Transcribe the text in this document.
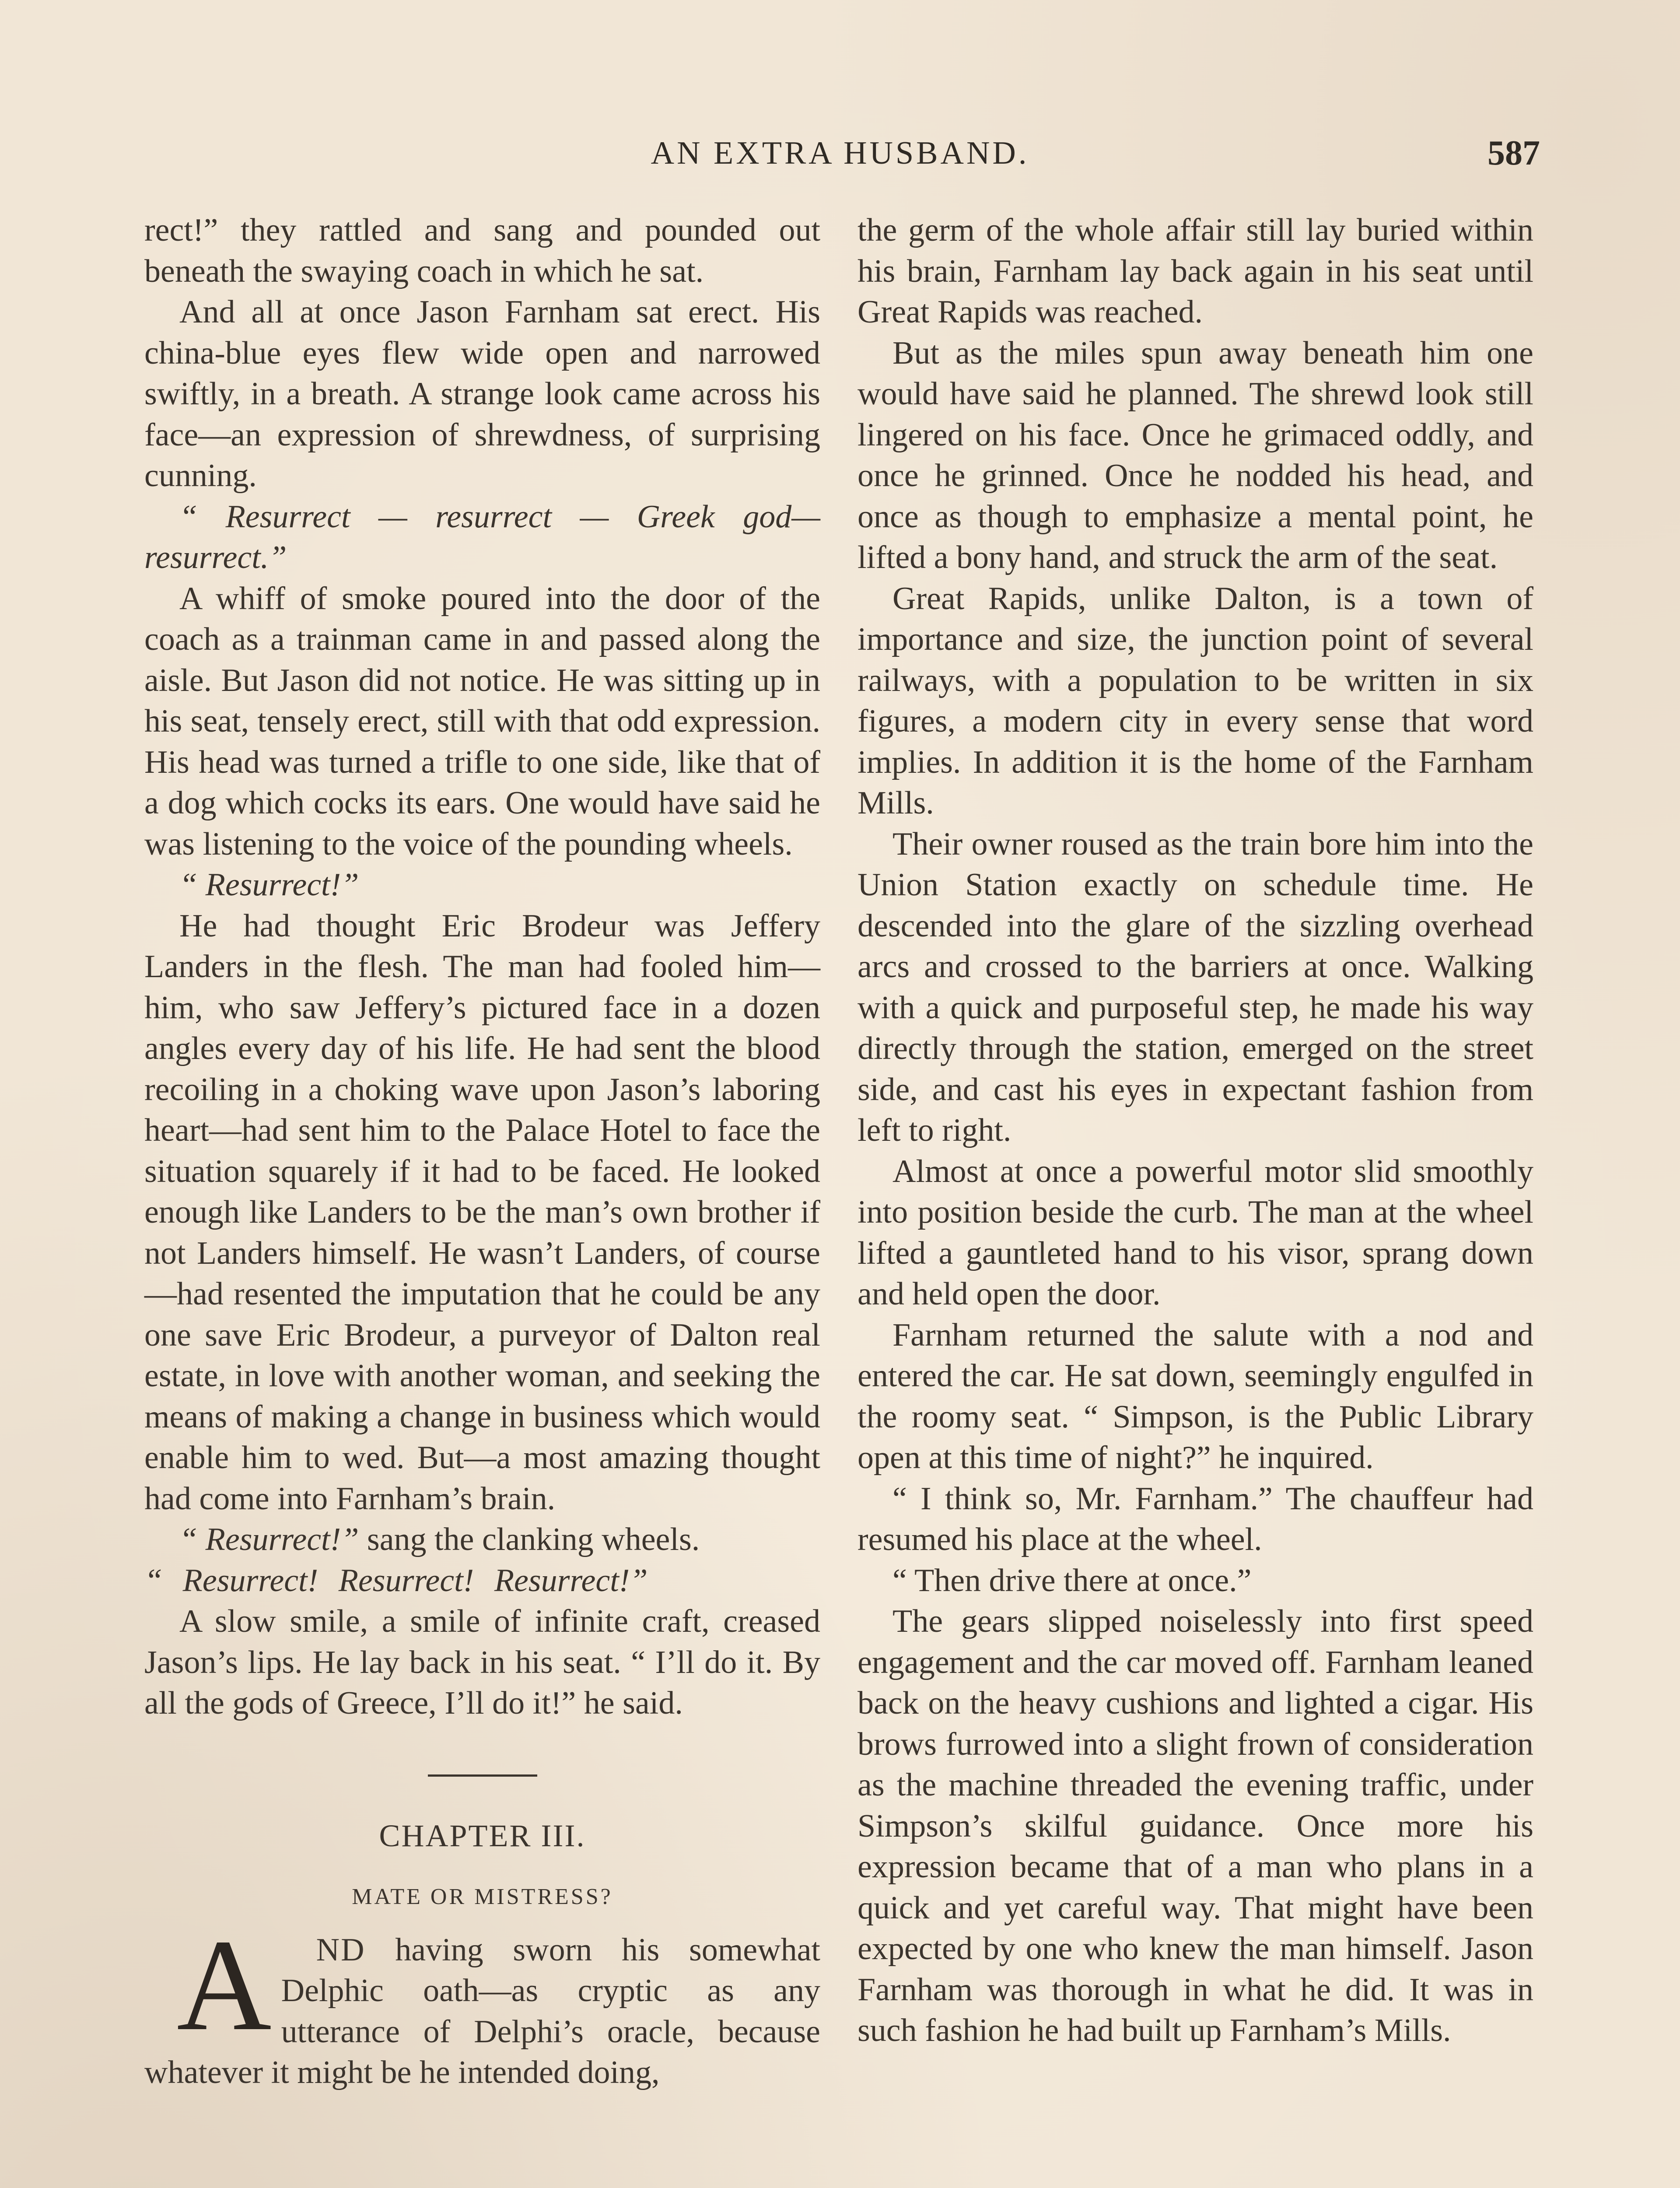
AN EXTRA HUSBAND.	587

rect!” they rattled and sang and pounded out beneath the swaying coach in which he sat.

And all at once Jason Farnham sat erect. His china-blue eyes flew wide open and narrowed swiftly, in a breath. A strange look came across his face—an expression of shrewdness, of surprising cunning.

“ Resurrect — resurrect — Greek god—resurrect.”

A whiff of smoke poured into the door of the coach as a trainman came in and passed along the aisle. But Jason did not notice. He was sitting up in his seat, tensely erect, still with that odd expression. His head was turned a trifle to one side, like that of a dog which cocks its ears. One would have said he was listening to the voice of the pounding wheels.

“ Resurrect!”

He had thought Eric Brodeur was Jeffery Landers in the flesh. The man had fooled him—him, who saw Jeffery’s pictured face in a dozen angles every day of his life. He had sent the blood recoiling in a choking wave upon Jason’s laboring heart—had sent him to the Palace Hotel to face the situation squarely if it had to be faced. He looked enough like Landers to be the man’s own brother if not Landers himself. He wasn’t Landers, of course—had resented the imputation that he could be any one save Eric Brodeur, a purveyor of Dalton real estate, in love with another woman, and seeking the means of making a change in business which would enable him to wed. But—a most amazing thought had come into Farnham’s brain.

“ Resurrect!” sang the clanking wheels.

“ Resurrect! Resurrect! Resurrect!”

A slow smile, a smile of infinite craft, creased Jason’s lips. He lay back in his seat. “ I’ll do it. By all the gods of Greece, I’ll do it!” he said.

CHAPTER III.
MATE OR MISTRESS?

A ND having sworn his somewhat Delphic oath—as cryptic as any utterance of Delphi’s oracle, because whatever it might be he intended doing,

the germ of the whole affair still lay buried within his brain, Farnham lay back again in his seat until Great Rapids was reached.

But as the miles spun away beneath him one would have said he planned. The shrewd look still lingered on his face. Once he grimaced oddly, and once he grinned. Once he nodded his head, and once as though to emphasize a mental point, he lifted a bony hand, and struck the arm of the seat.

Great Rapids, unlike Dalton, is a town of importance and size, the junction point of several railways, with a population to be written in six figures, a modern city in every sense that word implies. In addition it is the home of the Farnham Mills.

Their owner roused as the train bore him into the Union Station exactly on schedule time. He descended into the glare of the sizzling overhead arcs and crossed to the barriers at once. Walking with a quick and purposeful step, he made his way directly through the station, emerged on the street side, and cast his eyes in expectant fashion from left to right.

Almost at once a powerful motor slid smoothly into position beside the curb. The man at the wheel lifted a gauntleted hand to his visor, sprang down and held open the door.

Farnham returned the salute with a nod and entered the car. He sat down, seemingly engulfed in the roomy seat. “ Simpson, is the Public Library open at this time of night?” he inquired.

“ I think so, Mr. Farnham.” The chauffeur had resumed his place at the wheel.

“ Then drive there at once.”

The gears slipped noiselessly into first speed engagement and the car moved off. Farnham leaned back on the heavy cushions and lighted a cigar. His brows furrowed into a slight frown of consideration as the machine threaded the evening traffic, under Simpson’s skilful guidance. Once more his expression became that of a man who plans in a quick and yet careful way. That might have been expected by one who knew the man himself. Jason Farnham was thorough in what he did. It was in such fashion he had built up Farnham’s Mills.
